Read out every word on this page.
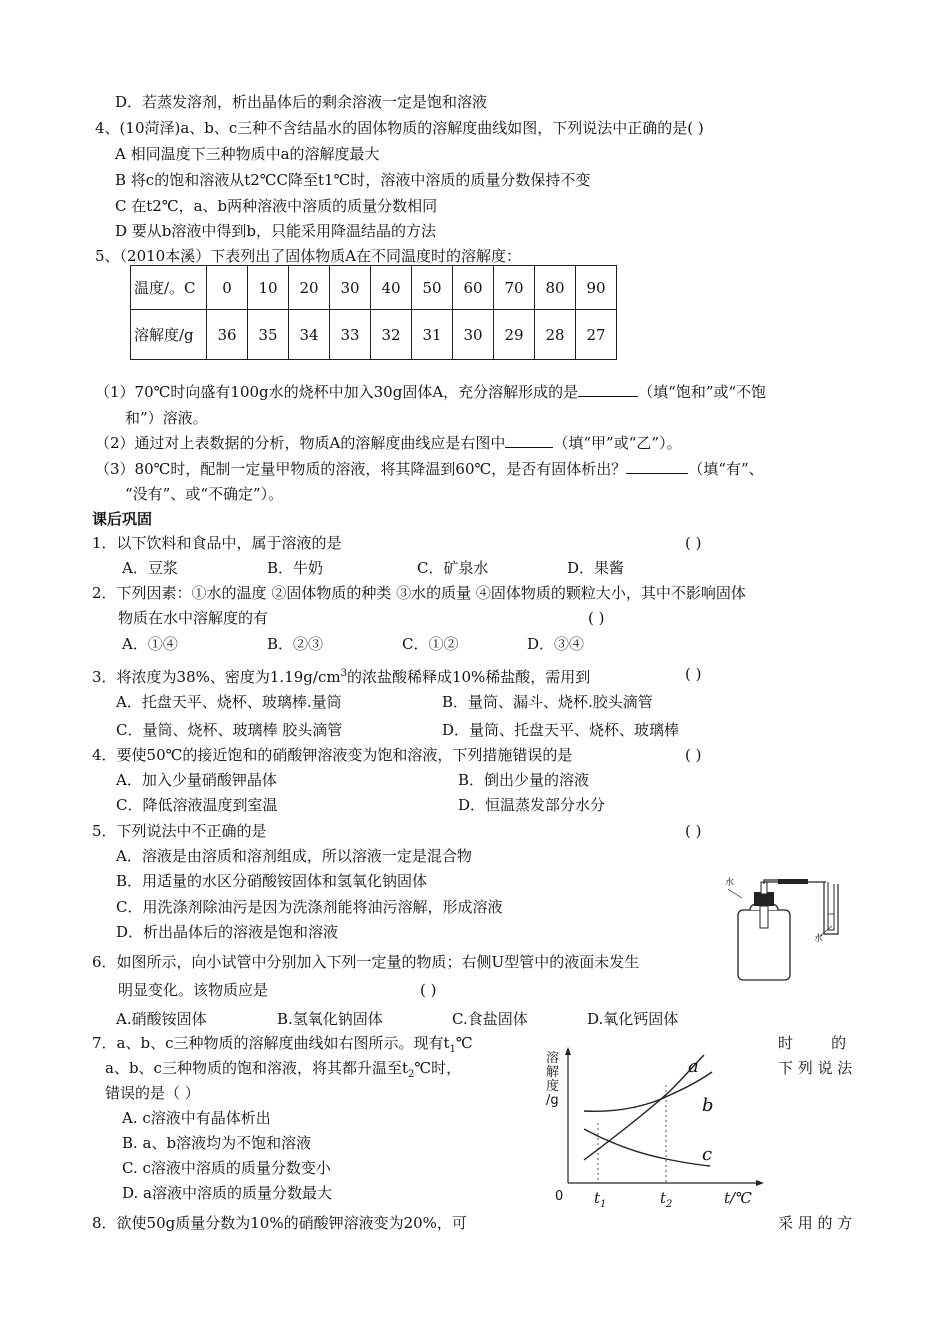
D．若蒸发溶剂，析出晶体后的剩余溶液一定是饱和溶液
4、(10菏泽)a、b、c三种不含结晶水的固体物质的溶解度曲线如图，下列说法中正确的是( )
A 相同温度下三种物质中a的溶解度最大
B 将c的饱和溶液从t2℃C降至t1℃时，溶液中溶质的质量分数保持不变
C 在t2℃，a、b两种溶液中溶质的质量分数相同
D 要从b溶液中得到b，只能采用降温结晶的方法
5、（2010本溪）下表列出了固体物质A在不同温度时的溶解度：
温度/。C	0	10	20	30	40	50	60	70	80	90
溶解度/g	36	35	34	33	32	31	30	29	28	27
（1）70℃时向盛有100g水的烧杯中加入30g固体A，充分溶解形成的是	（填“饱和”或“不饱
和”）溶液。
（2）通过对上表数据的分析，物质A的溶解度曲线应是右图中	（填“甲”或“乙”）。
（3）80℃时，配制一定量甲物质的溶液，将其降温到60℃，是否有固体析出？	（填“有”、
“没有”、或“不确定”）。
课后巩固
1．以下饮料和食品中，属于溶液的是	( )
A．豆浆	B．牛奶	C．矿泉水	D．果酱
2．下列因素：①水的温度 ②固体物质的种类 ③水的质量 ④固体物质的颗粒大小，其中不影响固体
物质在水中溶解度的有	( )
A．①④	B．②③	C．①②	D．③④
3．将浓度为38%、密度为$1.19g/cm^3$的浓盐酸稀释成10%稀盐酸，需用到	( )
A．托盘天平、烧杯、玻璃棒.量筒	B．量筒、漏斗、烧杯.胶头滴管
C．量筒、烧杯、玻璃棒 胶头滴管	D．量筒、托盘天平、烧杯、玻璃棒
4．要使50℃的接近饱和的硝酸钾溶液变为饱和溶液，下列措施错误的是	( )
A．加入少量硝酸钾晶体	B．倒出少量的溶液
C．降低溶液温度到室温	D．恒温蒸发部分水分
5．下列说法中不正确的是	( )
A．溶液是由溶质和溶剂组成，所以溶液一定是混合物
B．用适量的水区分硝酸铵固体和氢氧化钠固体
C．用洗涤剂除油污是因为洗涤剂能将油污溶解，形成溶液
D．析出晶体后的溶液是饱和溶液
水
水
6．如图所示，向小试管中分别加入下列一定量的物质；右侧U型管中的液面未发生
明显变化。该物质应是	( )
A.硝酸铵固体	B.氢氧化钠固体	C.食盐固体	D.氧化钙固体
7．a、b、c三种物质的溶解度曲线如右图所示。现有$t_1℃$	时        的
a、b、c三种物质的饱和溶液，将其都升温至$t_2℃$时，	下 列 说 法
错误的是（ ）
A. c溶液中有晶体析出
B. a、b溶液均为不饱和溶液
C. c溶液中溶质的质量分数变小
D. a溶液中溶质的质量分数最大
溶
解
度
/g
a
b
c
0 $t_1$	$t_2$	t/℃
8．欲使50g质量分数为10%的硝酸钾溶液变为20%，可	采 用 的 方
